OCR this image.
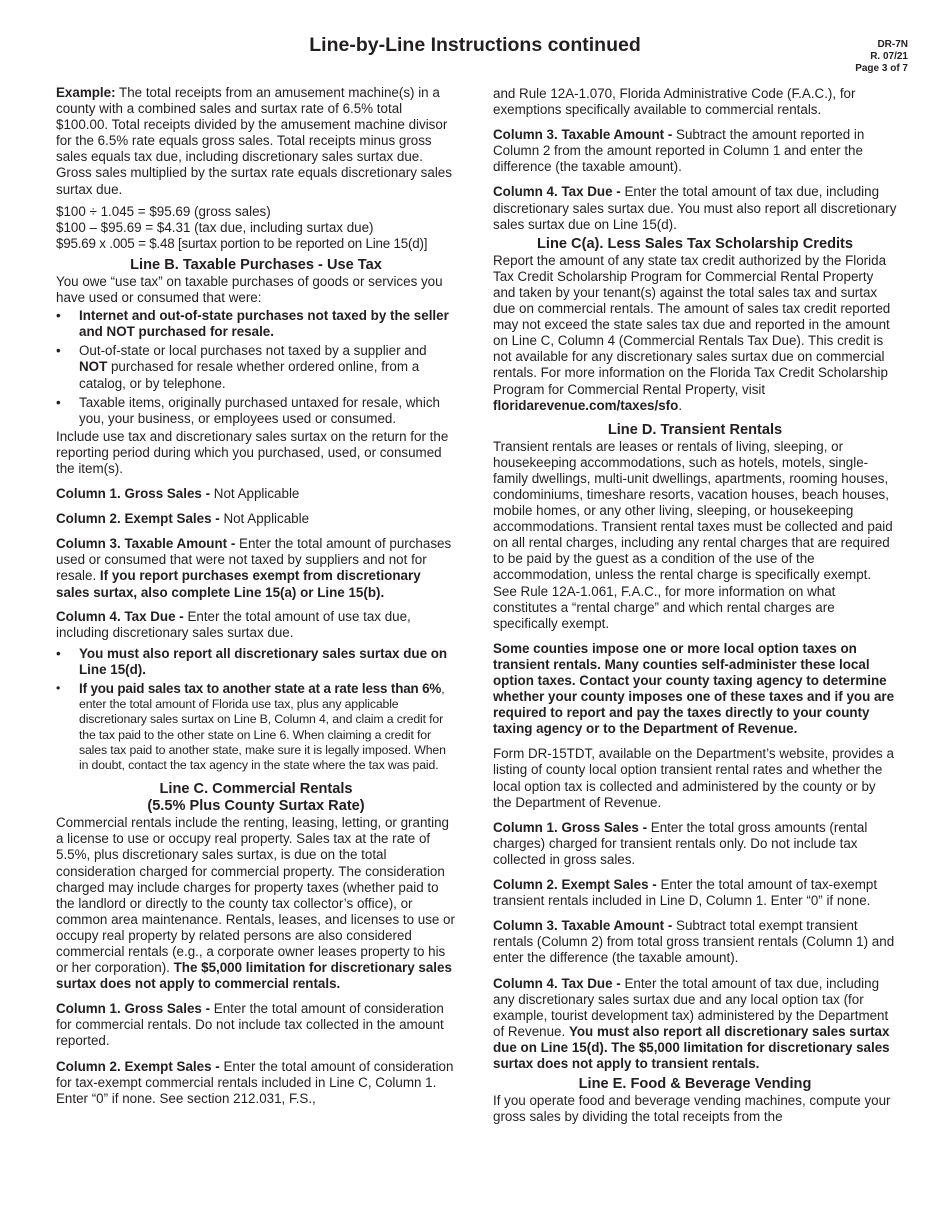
Line-by-Line Instructions continued	DR-7N
R. 07/21
Page 3 of 7

Example: The total receipts from an amusement machine(s) in a county with a combined sales and surtax rate of 6.5% total $100.00. Total receipts divided by the amusement machine divisor for the 6.5% rate equals gross sales. Total receipts minus gross sales equals tax due, including discretionary sales surtax due. Gross sales multiplied by the surtax rate equals discretionary sales surtax due.

$100 ÷ 1.045 = $95.69 (gross sales)

$100 – $95.69 = $4.31 (tax due, including surtax due)

$95.69 x .005 = $.48 [surtax portion to be reported on Line 15(d)]

Line B. Taxable Purchases - Use Tax

You owe “use tax” on taxable purchases of goods or services you have used or consumed that were:

• Internet and out-of-state purchases not taxed by the seller and NOT purchased for resale.
• Out-of-state or local purchases not taxed by a supplier and NOT purchased for resale whether ordered online, from a catalog, or by telephone.
• Taxable items, originally purchased untaxed for resale, which you, your business, or employees used or consumed.

Include use tax and discretionary sales surtax on the return for the reporting period during which you purchased, used, or consumed the item(s).

Column 1. Gross Sales - Not Applicable

Column 2. Exempt Sales - Not Applicable

Column 3. Taxable Amount - Enter the total amount of purchases used or consumed that were not taxed by suppliers and not for resale. If you report purchases exempt from discretionary sales surtax, also complete Line 15(a) or Line 15(b).

Column 4. Tax Due - Enter the total amount of use tax due, including discretionary sales surtax due.

• You must also report all discretionary sales surtax due on Line 15(d).
• If you paid sales tax to another state at a rate less than 6%, enter the total amount of Florida use tax, plus any applicable discretionary sales surtax on Line B, Column 4, and claim a credit for the tax paid to the other state on Line 6. When claiming a credit for sales tax paid to another state, make sure it is legally imposed. When in doubt, contact the tax agency in the state where the tax was paid.
Line C. Commercial Rentals
(5.5% Plus County Surtax Rate)

Commercial rentals include the renting, leasing, letting, or granting a license to use or occupy real property. Sales tax at the rate of 5.5%, plus discretionary sales surtax, is due on the total consideration charged for commercial property. The consideration charged may include charges for property taxes (whether paid to the landlord or directly to the county tax collector’s office), or common area maintenance. Rentals, leases, and licenses to use or occupy real property by related persons are also considered commercial rentals (e.g., a corporate owner leases property to his or her corporation). The $5,000 limitation for discretionary sales surtax does not apply to commercial rentals.

Column 1. Gross Sales - Enter the total amount of consideration for commercial rentals. Do not include tax collected in the amount reported.

Column 2. Exempt Sales - Enter the total amount of consideration for tax-exempt commercial rentals included in Line C, Column 1. Enter “0” if none. See section 212.031, F.S.,

and Rule 12A-1.070, Florida Administrative Code (F.A.C.), for exemptions specifically available to commercial rentals.

Column 3. Taxable Amount - Subtract the amount reported in Column 2 from the amount reported in Column 1 and enter the difference (the taxable amount).

Column 4. Tax Due - Enter the total amount of tax due, including discretionary sales surtax due. You must also report all discretionary sales surtax due on Line 15(d).

Line C(a). Less Sales Tax Scholarship Credits

Report the amount of any state tax credit authorized by the Florida Tax Credit Scholarship Program for Commercial Rental Property and taken by your tenant(s) against the total sales tax and surtax due on commercial rentals. The amount of sales tax credit reported may not exceed the state sales tax due and reported in the amount on Line C, Column 4 (Commercial Rentals Tax Due). This credit is not available for any discretionary sales surtax due on commercial rentals. For more information on the Florida Tax Credit Scholarship Program for Commercial Rental Property, visit
floridarevenue.com/taxes/sfo.

Line D. Transient Rentals

Transient rentals are leases or rentals of living, sleeping, or housekeeping accommodations, such as hotels, motels, single-family dwellings, multi-unit dwellings, apartments, rooming houses, condominiums, timeshare resorts, vacation houses, beach houses, mobile homes, or any other living, sleeping, or housekeeping accommodations. Transient rental taxes must be collected and paid on all rental charges, including any rental charges that are required to be paid by the guest as a condition of the use of the accommodation, unless the rental charge is specifically exempt. See Rule 12A-1.061, F.A.C., for more information on what constitutes a “rental charge” and which rental charges are specifically exempt.

Some counties impose one or more local option taxes on transient rentals. Many counties self-administer these local option taxes. Contact your county taxing agency to determine whether your county imposes one of these taxes and if you are required to report and pay the taxes directly to your county taxing agency or to the Department of Revenue.

Form DR-15TDT, available on the Department’s website, provides a listing of county local option transient rental rates and whether the local option tax is collected and administered by the county or by the Department of Revenue.

Column 1. Gross Sales - Enter the total gross amounts (rental charges) charged for transient rentals only. Do not include tax collected in gross sales.

Column 2. Exempt Sales - Enter the total amount of tax-exempt transient rentals included in Line D, Column 1. Enter “0” if none.

Column 3. Taxable Amount - Subtract total exempt transient rentals (Column 2) from total gross transient rentals (Column 1) and enter the difference (the taxable amount).

Column 4. Tax Due - Enter the total amount of tax due, including any discretionary sales surtax due and any local option tax (for example, tourist development tax) administered by the Department of Revenue. You must also report all discretionary sales surtax due on Line 15(d). The $5,000 limitation for discretionary sales surtax does not apply to transient rentals.

Line E. Food & Beverage Vending

If you operate food and beverage vending machines, compute your gross sales by dividing the total receipts from the
